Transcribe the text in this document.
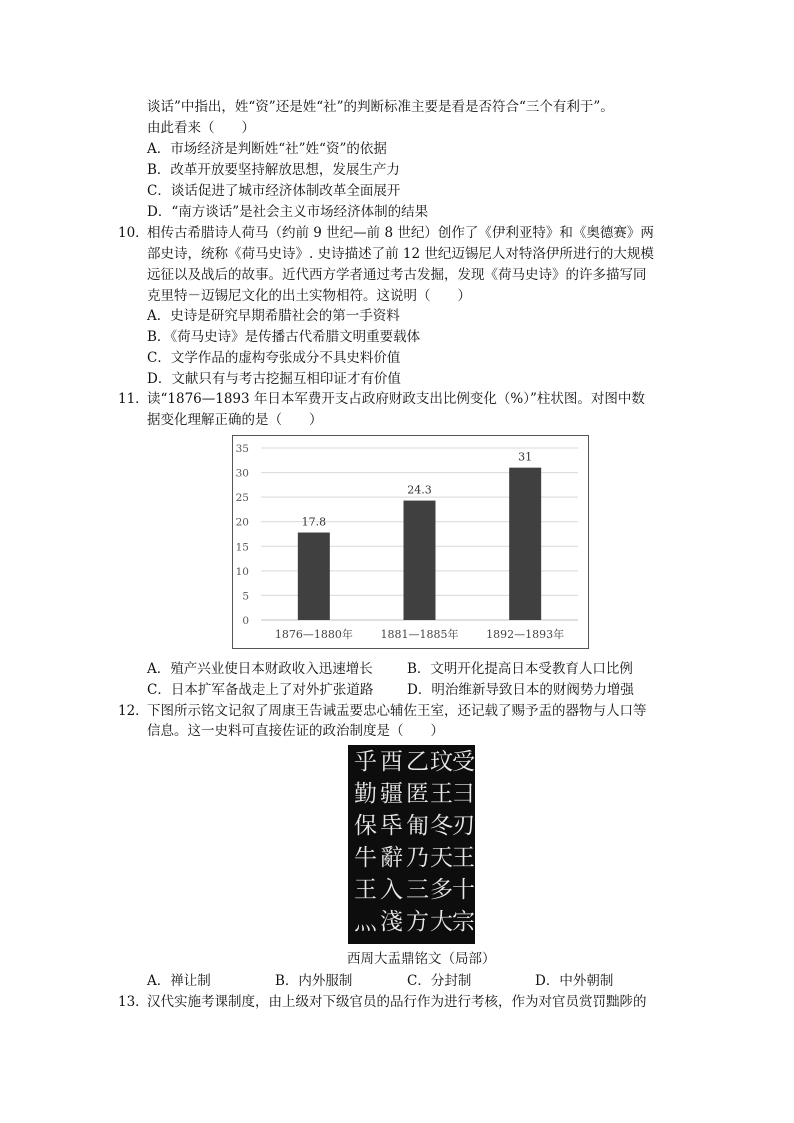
谈话”中指出，姓“资”还是姓“社”的判断标准主要是看是否符合“三个有利于”。
由此看来（　　）
A．市场经济是判断姓“社”姓“资”的依据
B．改革开放要坚持解放思想，发展生产力
C．谈话促进了城市经济体制改革全面展开
D．“南方谈话”是社会主义市场经济体制的结果
10．
相传古希腊诗人荷马（约前 9 世纪—前 8 世纪）创作了《伊利亚特》和《奥德赛》两
部史诗，统称《荷马史诗》. 史诗描述了前 12 世纪迈锡尼人对特洛伊所进行的大规模
远征以及战后的故事。近代西方学者通过考古发掘，发现《荷马史诗》的许多描写同
克里特－迈锡尼文化的出土实物相符。这说明（　　）
A．史诗是研究早期希腊社会的第一手资料
B．《荷马史诗》是传播古代希腊文明重要载体
C．文学作品的虚构夸张成分不具史料价值
D．文献只有与考古挖掘互相印证才有价值
11．
读“1876—1893 年日本军费开支占政府财政支出比例变化（%）”柱状图。对图中数
据变化理解正确的是（　　）
0
5
10
15
20
25
30
35
17.8
1876—1880年
24.3
1881—1885年
31
1892—1893年
A．殖产兴业使日本财政收入迅速增长	B．文明开化提高日本受教育人口比例
C．日本扩军备战走上了对外扩张道路 D．明治维新导致日本的财阀势力增强
12．
下图所示铭文记叙了周康王告诫盂要忠心辅佐王室，还记载了赐予盂的器物与人口等
信息。这一史料可直接佐证的政治制度是（　　）
乎 酉 乙 玟 受
勤 疆 匿 王 彐
保 氒 匍 冬 刃
牛 辭 乃 天 王
王 入 三 多 十
灬 淺 方 大 宗
西周大盂鼎铭文（局部）
A．禅让制	B．内外服制	C．分封制	D．中外朝制
13．
汉代实施考课制度，由上级对下级官员的品行作为进行考核，作为对官员赏罚黜陟的
